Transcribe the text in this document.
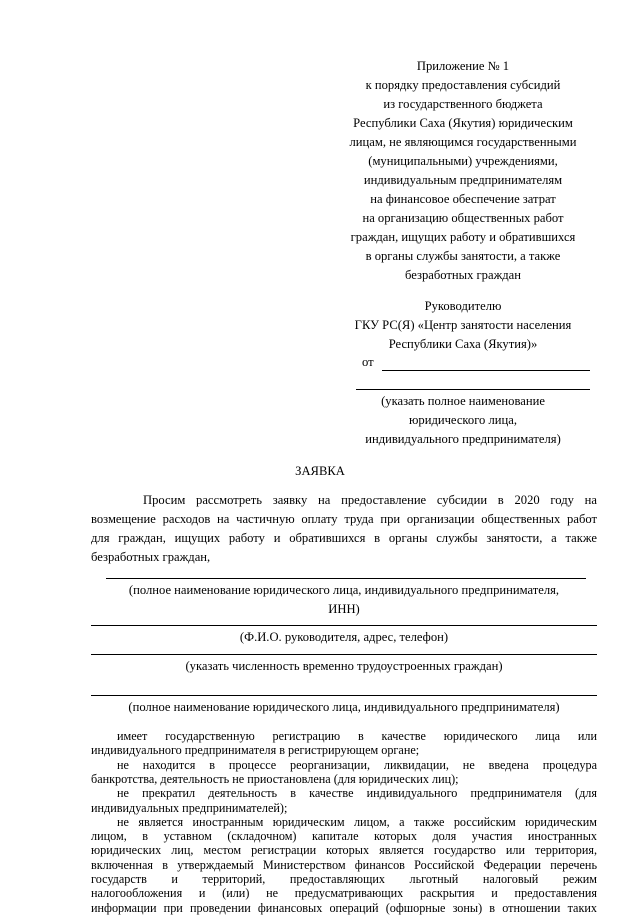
Приложение № 1
к порядку предоставления субсидий
из государственного бюджета
Республики Саха (Якутия) юридическим
лицам, не являющимся государственными
(муниципальными) учреждениями,
индивидуальным предпринимателям
на финансовое обеспечение затрат
на организацию общественных работ
граждан, ищущих работу и обратившихся
в органы службы занятости, а также
безработных граждан
Руководителю
ГКУ РС(Я) «Центр занятости населения
Республики Саха (Якутия)»
от
(указать полное наименование
юридического лица,
индивидуального предпринимателя)
ЗАЯВКА
Просим рассмотреть заявку на предоставление субсидии в 2020 году на
возмещение расходов на частичную оплату труда при организации общественных работ
для граждан, ищущих работу и обратившихся в органы службы занятости, а также
безработных граждан,
(полное наименование юридического лица, индивидуального предпринимателя,
ИНН)
(Ф.И.О. руководителя, адрес, телефон)
(указать численность временно трудоустроенных граждан)
(полное наименование юридического лица, индивидуального предпринимателя)
имеет государственную регистрацию в качестве юридического лица или
индивидуального предпринимателя в регистрирующем органе;
не находится в процессе реорганизации, ликвидации, не введена процедура
банкротства, деятельность не приостановлена (для юридических лиц);
не прекратил деятельность в качестве индивидуального предпринимателя (для
индивидуальных предпринимателей);
не является иностранным юридическим лицом, а также российским юридическим
лицом, в уставном (складочном) капитале которых доля участия иностранных
юридических лиц, местом регистрации которых является государство или территория,
включенная в утверждаемый Министерством финансов Российской Федерации перечень
государств и территорий, предоставляющих льготный налоговый режим
налогообложения и (или) не предусматривающих раскрытия и предоставления
информации при проведении финансовых операций (офшорные зоны) в отношении таких
